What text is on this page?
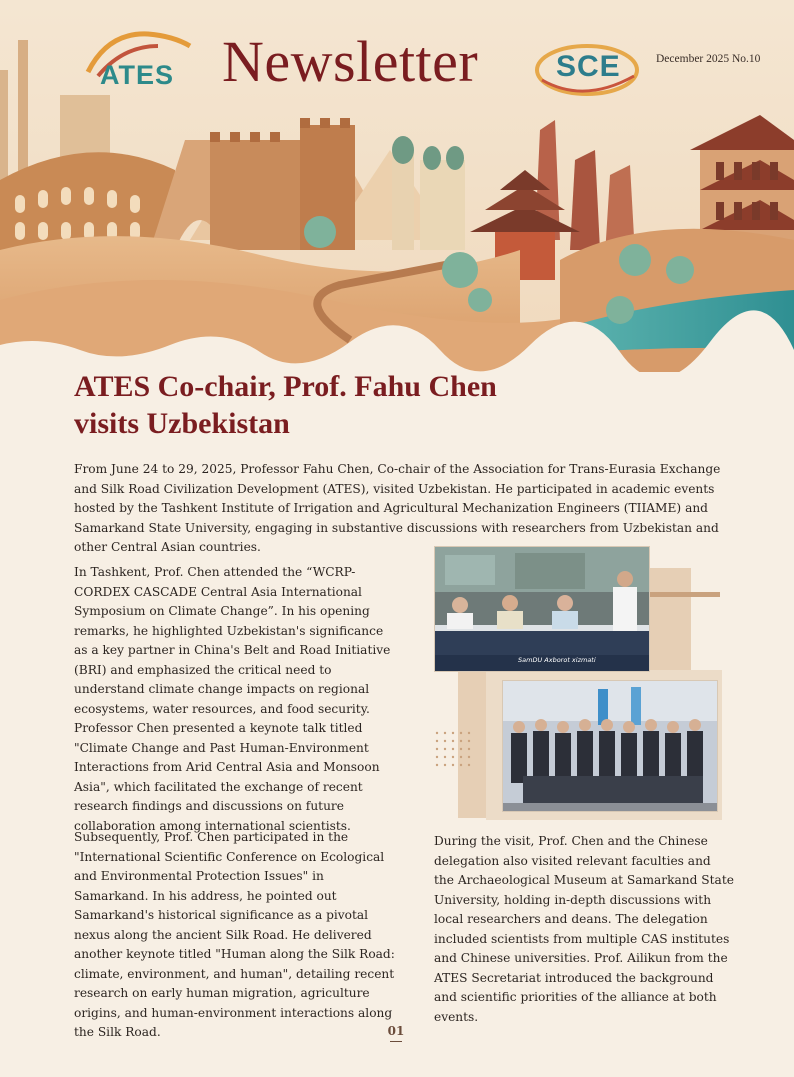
ATES Newsletter	SCE	December 2025 No.10
ATES Co-chair, Prof. Fahu Chen
visits Uzbekistan

From June 24 to 29, 2025, Professor Fahu Chen, Co-chair of the Association for Trans-Eurasia Exchange and Silk Road Civilization Development (ATES), visited Uzbekistan. He participated in academic events hosted by the Tashkent Institute of Irrigation and Agricultural Mechanization Engineers (TIIAME) and Samarkand State University, engaging in substantive discussions with researchers from Uzbekistan and other Central Asian countries.

In Tashkent, Prof. Chen attended the “WCRP- CORDEX CASCADE Central Asia International Symposium on Climate Change”. In his opening remarks, he highlighted Uzbekistan's significance as a key partner in China's Belt and Road Initiative (BRI) and emphasized the critical need to understand climate change impacts on regional ecosystems, water resources, and food security. Professor Chen presented a keynote talk titled "Climate Change and Past Human-Environment Interactions from Arid Central Asia and Monsoon Asia", which facilitated the exchange of recent research findings and discussions on future collaboration among international scientists.

Subsequently, Prof. Chen participated in the "International Scientific Conference on Ecological and Environmental Protection Issues" in Samarkand. In his address, he pointed out Samarkand's historical significance as a pivotal nexus along the ancient Silk Road. He delivered another keynote titled "Human along the Silk Road: climate, environment, and human", detailing recent research on early human migration, agriculture origins, and human-environment interactions along the Silk Road.

SamDU Axborot xizmati

During the visit, Prof. Chen and the Chinese delegation also visited relevant faculties and the Archaeological Museum at Samarkand State University, holding in-depth discussions with local researchers and deans. The delegation included scientists from multiple CAS institutes and Chinese universities. Prof. Ailikun from the ATES Secretariat introduced the background and scientific priorities of the alliance at both events.

01
